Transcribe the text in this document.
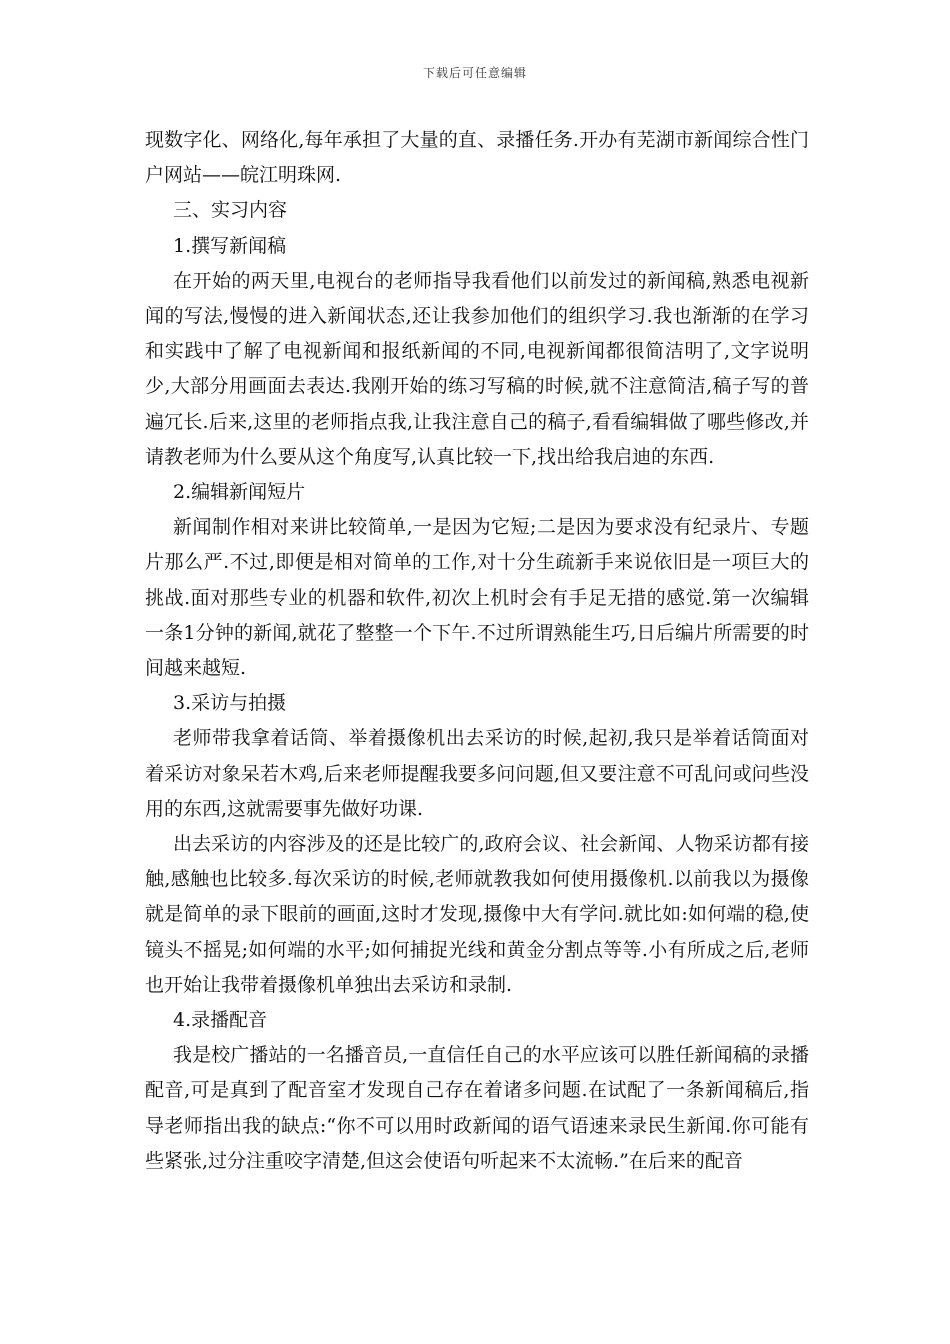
下载后可任意编辑

现数字化、网络化,每年承担了大量的直、录播任务.开办有芜湖市新闻综合性门户网站——皖江明珠网.

三、实习内容

1.撰写新闻稿

在开始的两天里,电视台的老师指导我看他们以前发过的新闻稿,熟悉电视新闻的写法,慢慢的进入新闻状态,还让我参加他们的组织学习.我也渐渐的在学习和实践中了解了电视新闻和报纸新闻的不同,电视新闻都很简洁明了,文字说明少,大部分用画面去表达.我刚开始的练习写稿的时候,就不注意简洁,稿子写的普遍冗长.后来,这里的老师指点我,让我注意自己的稿子,看看编辑做了哪些修改,并请教老师为什么要从这个角度写,认真比较一下,找出给我启迪的东西.

2.编辑新闻短片

新闻制作相对来讲比较简单,一是因为它短;二是因为要求没有纪录片、专题片那么严.不过,即便是相对简单的工作,对十分生疏新手来说依旧是一项巨大的挑战.面对那些专业的机器和软件,初次上机时会有手足无措的感觉.第一次编辑一条1分钟的新闻,就花了整整一个下午.不过所谓熟能生巧,日后编片所需要的时间越来越短.

3.采访与拍摄

老师带我拿着话筒、举着摄像机出去采访的时候,起初,我只是举着话筒面对着采访对象呆若木鸡,后来老师提醒我要多问问题,但又要注意不可乱问或问些没用的东西,这就需要事先做好功课.

出去采访的内容涉及的还是比较广的,政府会议、社会新闻、人物采访都有接触,感触也比较多.每次采访的时候,老师就教我如何使用摄像机.以前我以为摄像就是简单的录下眼前的画面,这时才发现,摄像中大有学问.就比如:如何端的稳,使镜头不摇晃;如何端的水平;如何捕捉光线和黄金分割点等等.小有所成之后,老师也开始让我带着摄像机单独出去采访和录制.

4.录播配音

我是校广播站的一名播音员,一直信任自己的水平应该可以胜任新闻稿的录播配音,可是真到了配音室才发现自己存在着诸多问题.在试配了一条新闻稿后,指导老师指出我的缺点:“你不可以用时政新闻的语气语速来录民生新闻.你可能有些紧张,过分注重咬字清楚,但这会使语句听起来不太流畅.”在后来的配音
